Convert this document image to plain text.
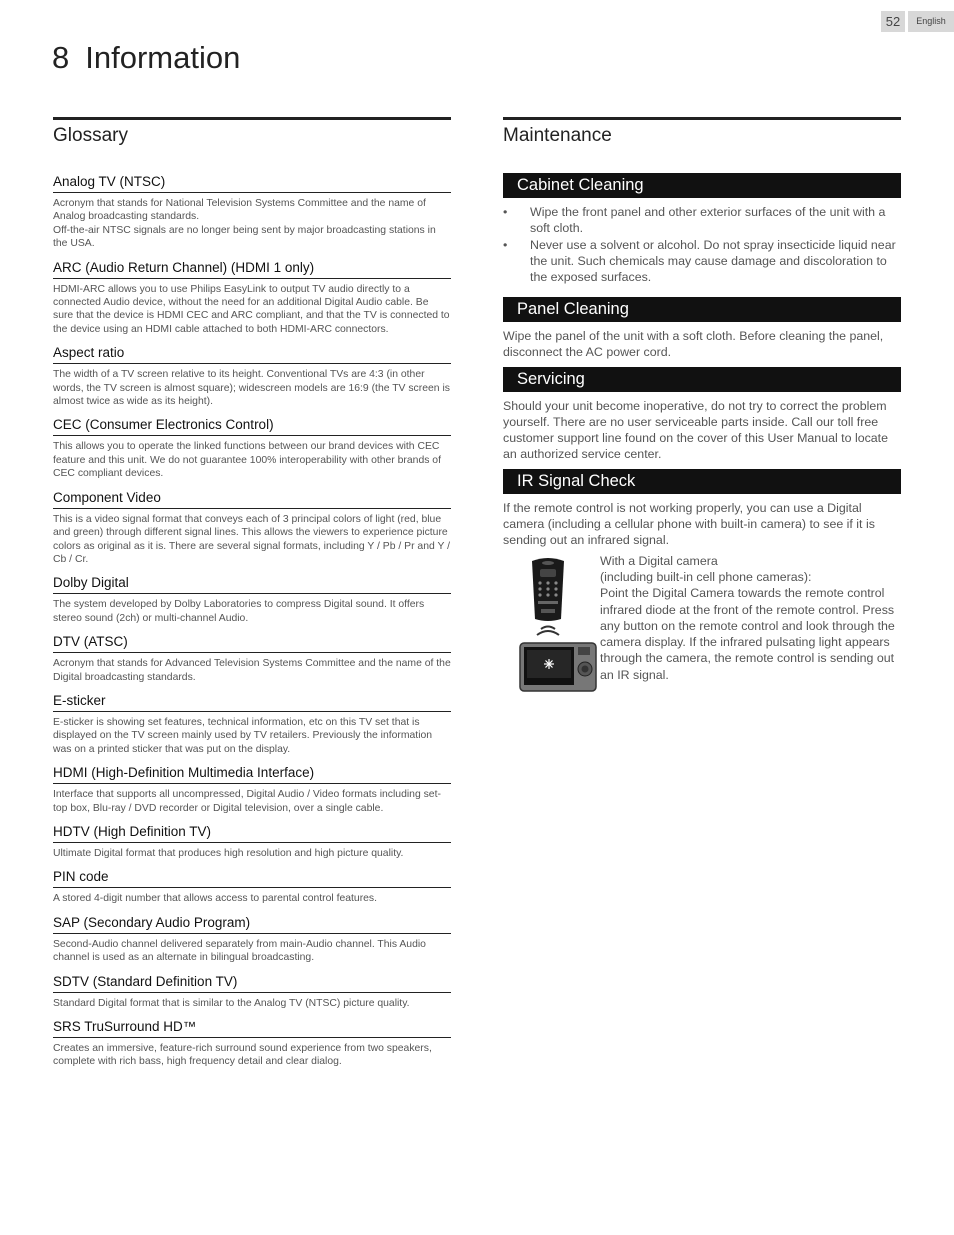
52	English
8 Information
Glossary
Analog TV (NTSC)
Acronym that stands for National Television Systems Committee and the name of Analog broadcasting standards.
Off-the-air NTSC signals are no longer being sent by major broadcasting stations in the USA.
ARC (Audio Return Channel) (HDMI 1 only)
HDMI-ARC allows you to use Philips EasyLink to output TV audio directly to a connected Audio device, without the need for an additional Digital Audio cable. Be sure that the device is HDMI CEC and ARC compliant, and that the TV is connected to the device using an HDMI cable attached to both HDMI-ARC connectors.
Aspect ratio
The width of a TV screen relative to its height. Conventional TVs are 4:3 (in other words, the TV screen is almost square); widescreen models are 16:9 (the TV screen is almost twice as wide as its height).
CEC (Consumer Electronics Control)
This allows you to operate the linked functions between our brand devices with CEC feature and this unit. We do not guarantee 100% interoperability with other brands of CEC compliant devices.
Component Video
This is a video signal format that conveys each of 3 principal colors of light (red, blue and green) through different signal lines. This allows the viewers to experience picture colors as original as it is. There are several signal formats, including Y / Pb / Pr and Y / Cb / Cr.
Dolby Digital
The system developed by Dolby Laboratories to compress Digital sound. It offers stereo sound (2ch) or multi-channel Audio.
DTV (ATSC)
Acronym that stands for Advanced Television Systems Committee and the name of the Digital broadcasting standards.
E-sticker
E-sticker is showing set features, technical information, etc on this TV set that is displayed on the TV screen mainly used by TV retailers. Previously the information was on a printed sticker that was put on the display.
HDMI (High-Definition Multimedia Interface)
Interface that supports all uncompressed, Digital Audio / Video formats including set-top box, Blu-ray / DVD recorder or Digital television, over a single cable.
HDTV (High Definition TV)
Ultimate Digital format that produces high resolution and high picture quality.
PIN code
A stored 4-digit number that allows access to parental control features.
SAP (Secondary Audio Program)
Second-Audio channel delivered separately from main-Audio channel. This Audio channel is used as an alternate in bilingual broadcasting.
SDTV (Standard Definition TV)
Standard Digital format that is similar to the Analog TV (NTSC) picture quality.
SRS TruSurround HD™
Creates an immersive, feature-rich surround sound experience from two speakers, complete with rich bass, high frequency detail and clear dialog.
Maintenance
Cabinet Cleaning
• Wipe the front panel and other exterior surfaces of the unit with a soft cloth.
• Never use a solvent or alcohol. Do not spray insecticide liquid near the unit. Such chemicals may cause damage and discoloration to the exposed surfaces.
Panel Cleaning

Wipe the panel of the unit with a soft cloth. Before cleaning the panel, disconnect the AC power cord.

Servicing

Should your unit become inoperative, do not try to correct the problem yourself. There are no user serviceable parts inside. Call our toll free customer support line found on the cover of this User Manual to locate an authorized service center.

IR Signal Check

If the remote control is not working properly, you can use a Digital camera (including a cellular phone with built-in camera) to see if it is sending out an infrared signal.

With a Digital camera
(including built-in cell phone cameras):
Point the Digital Camera towards the remote control infrared diode at the front of the remote control. Press any button on the remote control and look through the camera display. If the infrared pulsating light appears through the camera, the remote control is sending out an IR signal.
